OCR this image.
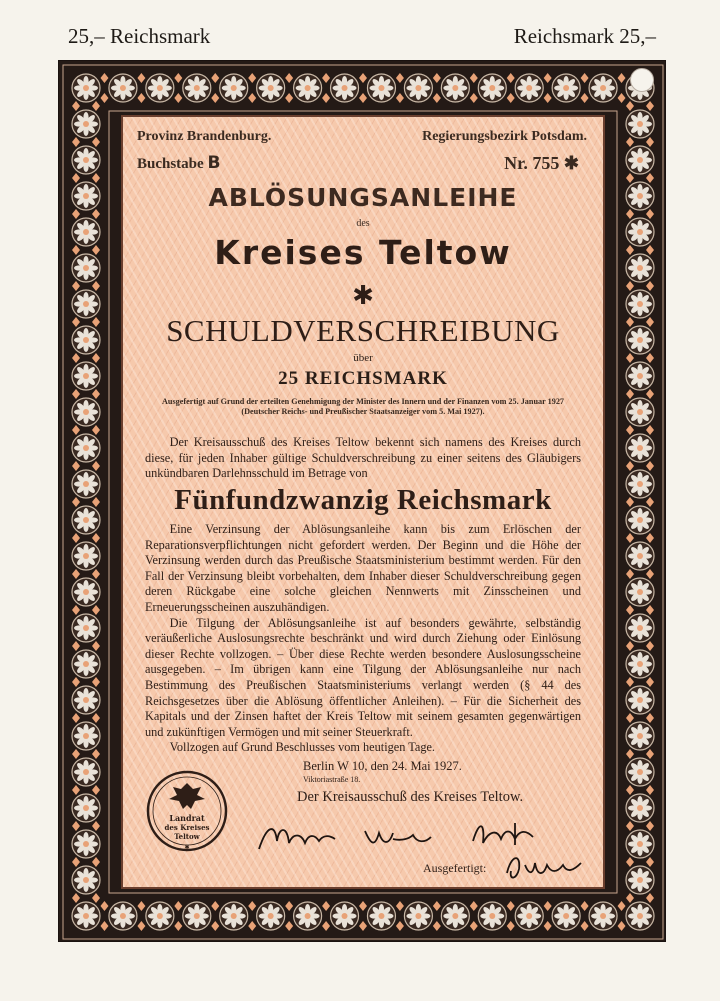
25,– Reichsmark	Reichsmark 25,–
Provinz Brandenburg.	Regierungsbezirk Potsdam.
Buchstabe B	Nr. 755 ✱
ABLÖSUNGSANLEIHE
des
Kreises Teltow
✱
SCHULDVERSCHREIBUNG
über
25 REICHSMARK
Ausgefertigt auf Grund der erteilten Genehmigung der Minister des Innern und der Finanzen vom 25. Januar 1927
(Deutscher Reichs- und Preußischer Staatsanzeiger vom 5. Mai 1927).
Der Kreisausschuß des Kreises Teltow bekennt sich namens des Kreises durch diese, für jeden Inhaber gültige Schuldverschreibung zu einer seitens des Gläubigers unkündbaren Darlehnsschuld im Betrage von
Fünfundzwanzig Reichsmark

Eine Verzinsung der Ablösungsanleihe kann bis zum Erlöschen der Reparationsverpflichtungen nicht gefordert werden. Der Beginn und die Höhe der Verzinsung werden durch das Preußische Staatsministerium bestimmt werden. Für den Fall der Verzinsung bleibt vorbehalten, dem Inhaber dieser Schuldverschreibung gegen deren Rückgabe eine solche gleichen Nennwerts mit Zinsscheinen und Erneuerungsscheinen auszuhändigen.

Die Tilgung der Ablösungsanleihe ist auf besonders gewährte, selbständig veräußerliche Auslosungsrechte beschränkt und wird durch Ziehung oder Einlösung dieser Rechte vollzogen. – Über diese Rechte werden besondere Auslosungsscheine ausgegeben. – Im übrigen kann eine Tilgung der Ablösungsanleihe nur nach Bestimmung des Preußischen Staatsministeriums verlangt werden (§ 44 des Reichsgesetzes über die Ablösung öffentlicher Anleihen). – Für die Sicherheit des Kapitals und der Zinsen haftet der Kreis Teltow mit seinem gesamten gegenwärtigen und zukünftigen Vermögen und mit seiner Steuerkraft.

Vollzogen auf Grund Beschlusses vom heutigen Tage.

Berlin W 10, den 24. Mai 1927.
Viktoriastraße 18.
Der Kreisausschuß des Kreises Teltow.
Landrat
des Kreises
Teltow
✱
Ausgefertigt:
